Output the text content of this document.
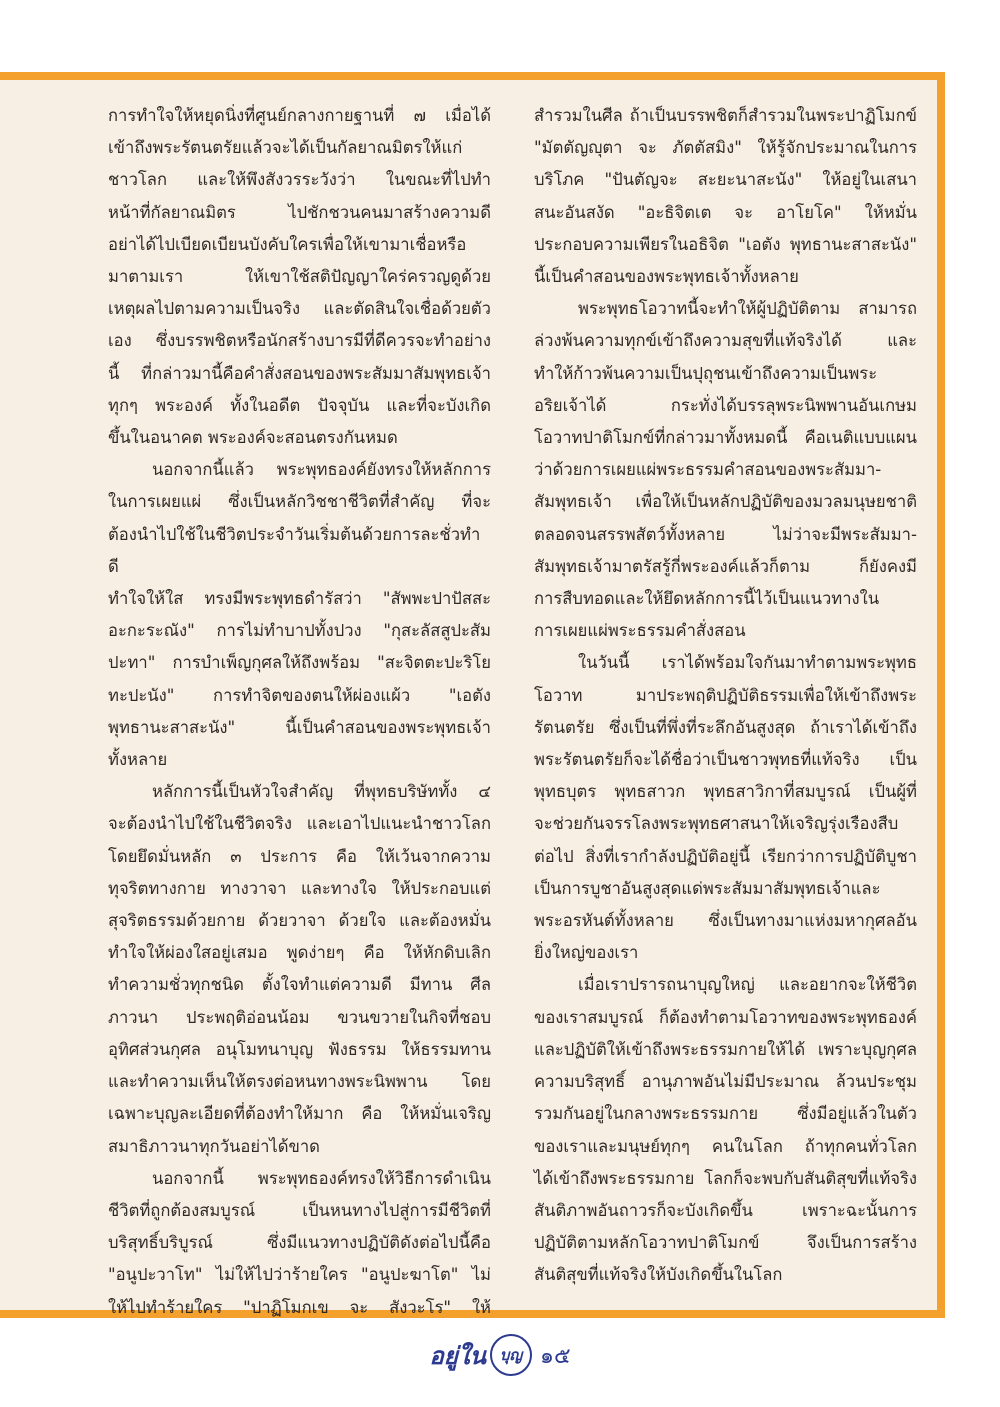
การทำใจให้หยุดนิ่งที่ศูนย์กลางกายฐานที่ ๗ เมื่อได้
เข้าถึงพระรัตนตรัยแล้วจะได้เป็นกัลยาณมิตรให้แก่
ชาวโลก และให้พึงสังวรระวังว่า ในขณะที่ไปทำ
หน้าที่กัลยาณมิตร ไปชักชวนคนมาสร้างความดี
อย่าได้ไปเบียดเบียนบังคับใครเพื่อให้เขามาเชื่อหรือ
มาตามเรา ให้เขาใช้สติปัญญาใคร่ครวญดูด้วย
เหตุผลไปตามความเป็นจริง และตัดสินใจเชื่อด้วยตัว
เอง ซึ่งบรรพชิตหรือนักสร้างบารมีที่ดีควรจะทำอย่าง
นี้ ที่กล่าวมานี้คือคำสั่งสอนของพระสัมมาสัมพุทธเจ้า
ทุกๆ พระองค์ ทั้งในอดีต ปัจจุบัน และที่จะบังเกิด
ขึ้นในอนาคต พระองค์จะสอนตรงกันหมด

นอกจากนี้แล้ว พระพุทธองค์ยังทรงให้หลักการ
ในการเผยแผ่ ซึ่งเป็นหลักวิชชาชีวิตที่สำคัญ ที่จะ
ต้องนำไปใช้ในชีวิตประจำวันเริ่มต้นด้วยการละชั่วทำดี
ทำใจให้ใส ทรงมีพระพุทธดำรัสว่า "สัพพะปาปัสสะ
อะกะระณัง" การไม่ทำบาปทั้งปวง "กุสะลัสสูปะสัม
ปะทา" การบำเพ็ญกุศลให้ถึงพร้อม "สะจิตตะปะริโย
ทะปะนัง" การทำจิตของตนให้ผ่องแผ้ว "เอตัง
พุทธานะสาสะนัง" นี้เป็นคำสอนของพระพุทธเจ้า
ทั้งหลาย

หลักการนี้เป็นหัวใจสำคัญ ที่พุทธบริษัททั้ง ๔
จะต้องนำไปใช้ในชีวิตจริง และเอาไปแนะนำชาวโลก
โดยยึดมั่นหลัก ๓ ประการ คือ ให้เว้นจากความ
ทุจริตทางกาย ทางวาจา และทางใจ ให้ประกอบแต่
สุจริตธรรมด้วยกาย ด้วยวาจา ด้วยใจ และต้องหมั่น
ทำใจให้ผ่องใสอยู่เสมอ พูดง่ายๆ คือ ให้หักดิบเลิก
ทำความชั่วทุกชนิด ตั้งใจทำแต่ความดี มีทาน ศีล
ภาวนา ประพฤติอ่อนน้อม ขวนขวายในกิจที่ชอบ
อุทิศส่วนกุศล อนุโมทนาบุญ ฟังธรรม ให้ธรรมทาน
และทำความเห็นให้ตรงต่อหนทางพระนิพพาน โดย
เฉพาะบุญละเอียดที่ต้องทำให้มาก คือ ให้หมั่นเจริญ
สมาธิภาวนาทุกวันอย่าได้ขาด

นอกจากนี้ พระพุทธองค์ทรงให้วิธีการดำเนิน
ชีวิตที่ถูกต้องสมบูรณ์ เป็นหนทางไปสู่การมีชีวิตที่
บริสุทธิ์บริบูรณ์ ซึ่งมีแนวทางปฏิบัติดังต่อไปนี้คือ
"อนูปะวาโท" ไม่ให้ไปว่าร้ายใคร "อนูปะฆาโต" ไม่
ให้ไปทำร้ายใคร "ปาฏิโมกเข จะ สังวะโร" ให้

สำรวมในศีล ถ้าเป็นบรรพชิตก็สำรวมในพระปาฏิโมกข์
"มัตตัญญุตา จะ ภัตตัสมิง" ให้รู้จักประมาณในการ
บริโภค "ปันตัญจะ สะยะนาสะนัง" ให้อยู่ในเสนา
สนะอันสงัด "อะธิจิตเต จะ อาโยโค" ให้หมั่น
ประกอบความเพียรในอธิจิต "เอตัง พุทธานะสาสะนัง"
นี้เป็นคำสอนของพระพุทธเจ้าทั้งหลาย

พระพุทธโอวาทนี้จะทำให้ผู้ปฏิบัติตาม สามารถ
ล่วงพ้นความทุกข์เข้าถึงความสุขที่แท้จริงได้ และ
ทำให้ก้าวพ้นความเป็นปุถุชนเข้าถึงความเป็นพระ
อริยเจ้าได้ กระทั่งได้บรรลุพระนิพพานอันเกษม
โอวาทปาติโมกข์ที่กล่าวมาทั้งหมดนี้ คือเนติแบบแผน
ว่าด้วยการเผยแผ่พระธรรมคำสอนของพระสัมมา-
สัมพุทธเจ้า เพื่อให้เป็นหลักปฏิบัติของมวลมนุษยชาติ
ตลอดจนสรรพสัตว์ทั้งหลาย ไม่ว่าจะมีพระสัมมา-
สัมพุทธเจ้ามาตรัสรู้กี่พระองค์แล้วก็ตาม ก็ยังคงมี
การสืบทอดและให้ยึดหลักการนี้ไว้เป็นแนวทางใน
การเผยแผ่พระธรรมคำสั่งสอน

ในวันนี้ เราได้พร้อมใจกันมาทำตามพระพุทธ
โอวาท มาประพฤติปฏิบัติธรรมเพื่อให้เข้าถึงพระ
รัตนตรัย ซึ่งเป็นที่พึ่งที่ระลึกอันสูงสุด ถ้าเราได้เข้าถึง
พระรัตนตรัยก็จะได้ชื่อว่าเป็นชาวพุทธที่แท้จริง เป็น
พุทธบุตร พุทธสาวก พุทธสาวิกาที่สมบูรณ์ เป็นผู้ที่
จะช่วยกันจรรโลงพระพุทธศาสนาให้เจริญรุ่งเรืองสืบ
ต่อไป สิ่งที่เรากำลังปฏิบัติอยู่นี้ เรียกว่าการปฏิบัติบูชา
เป็นการบูชาอันสูงสุดแด่พระสัมมาสัมพุทธเจ้าและ
พระอรหันต์ทั้งหลาย ซึ่งเป็นทางมาแห่งมหากุศลอัน
ยิ่งใหญ่ของเรา

เมื่อเราปรารถนาบุญใหญ่ และอยากจะให้ชีวิต
ของเราสมบูรณ์ ก็ต้องทำตามโอวาทของพระพุทธองค์
และปฏิบัติให้เข้าถึงพระธรรมกายให้ได้ เพราะบุญกุศล
ความบริสุทธิ์ อานุภาพอันไม่มีประมาณ ล้วนประชุม
รวมกันอยู่ในกลางพระธรรมกาย ซึ่งมีอยู่แล้วในตัว
ของเราและมนุษย์ทุกๆ คนในโลก ถ้าทุกคนทั่วโลก
ได้เข้าถึงพระธรรมกาย โลกก็จะพบกับสันติสุขที่แท้จริง
สันติภาพอันถาวรก็จะบังเกิดขึ้น เพราะฉะนั้นการ
ปฏิบัติตามหลักโอวาทปาติโมกข์ จึงเป็นการสร้าง
สันติสุขที่แท้จริงให้บังเกิดขึ้นในโลก

อยู่ใน บุญ ๑๕
